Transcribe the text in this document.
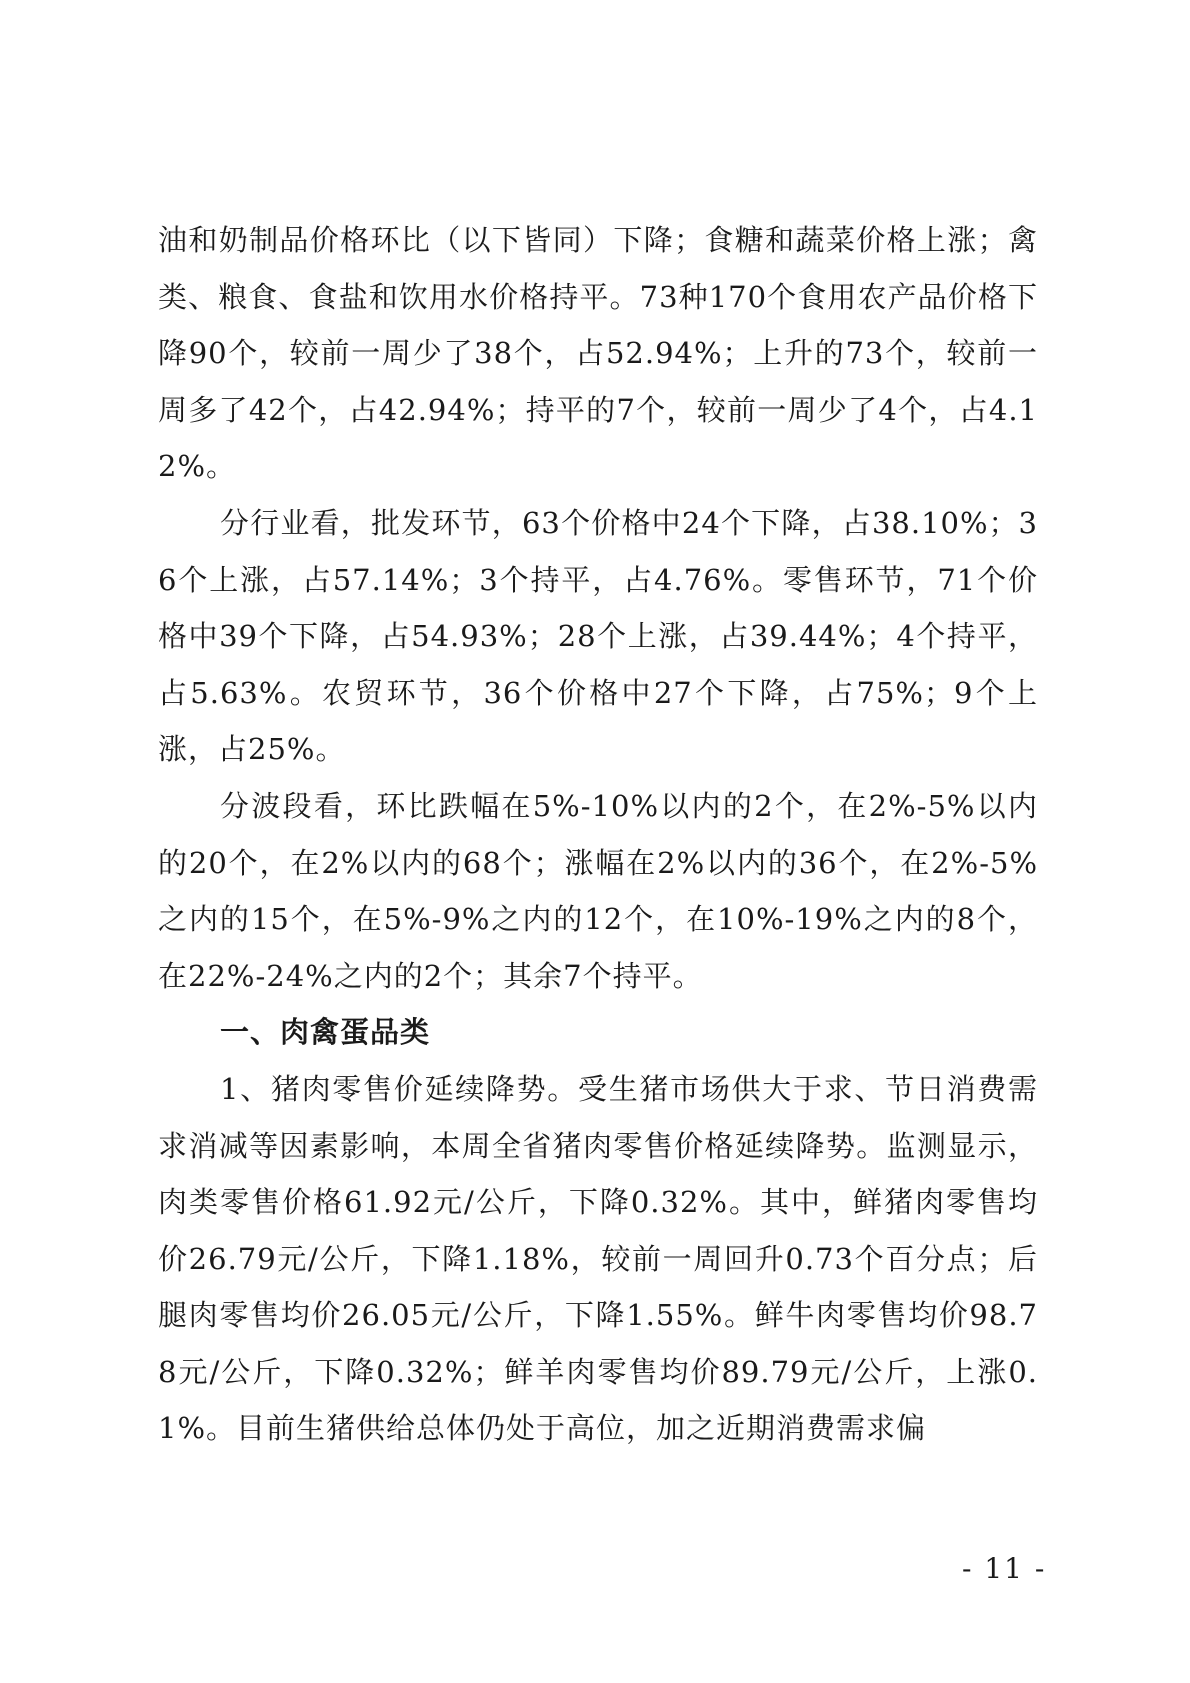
油和奶制品价格环比（以下皆同）下降；食糖和蔬菜价格上涨；禽类、粮食、食盐和饮用水价格持平。73种170个食用农产品价格下降90个，较前一周少了38个，占52.94%；上升的73个，较前一周多了42个，占42.94%；持平的7个，较前一周少了4个，占4.12%。

分行业看，批发环节，63个价格中24个下降，占38.10%；36个上涨，占57.14%；3个持平，占4.76%。零售环节，71个价格中39个下降，占54.93%；28个上涨，占39.44%；4个持平，占5.63%。农贸环节，36个价格中27个下降，占75%；9个上涨，占25%。

分波段看，环比跌幅在5%-10%以内的2个，在2%-5%以内的20个，在2%以内的68个；涨幅在2%以内的36个，在2%-5%之内的15个，在5%-9%之内的12个，在10%-19%之内的8个，在22%-24%之内的2个；其余7个持平。

一、肉禽蛋品类

1、猪肉零售价延续降势。受生猪市场供大于求、节日消费需求消减等因素影响，本周全省猪肉零售价格延续降势。监测显示，肉类零售价格61.92元/公斤，下降0.32%。其中，鲜猪肉零售均价26.79元/公斤，下降1.18%，较前一周回升0.73个百分点；后腿肉零售均价26.05元/公斤，下降1.55%。鲜牛肉零售均价98.78元/公斤，下降0.32%；鲜羊肉零售均价89.79元/公斤，上涨0.1%。目前生猪供给总体仍处于高位，加之近期消费需求偏

- 11 -
